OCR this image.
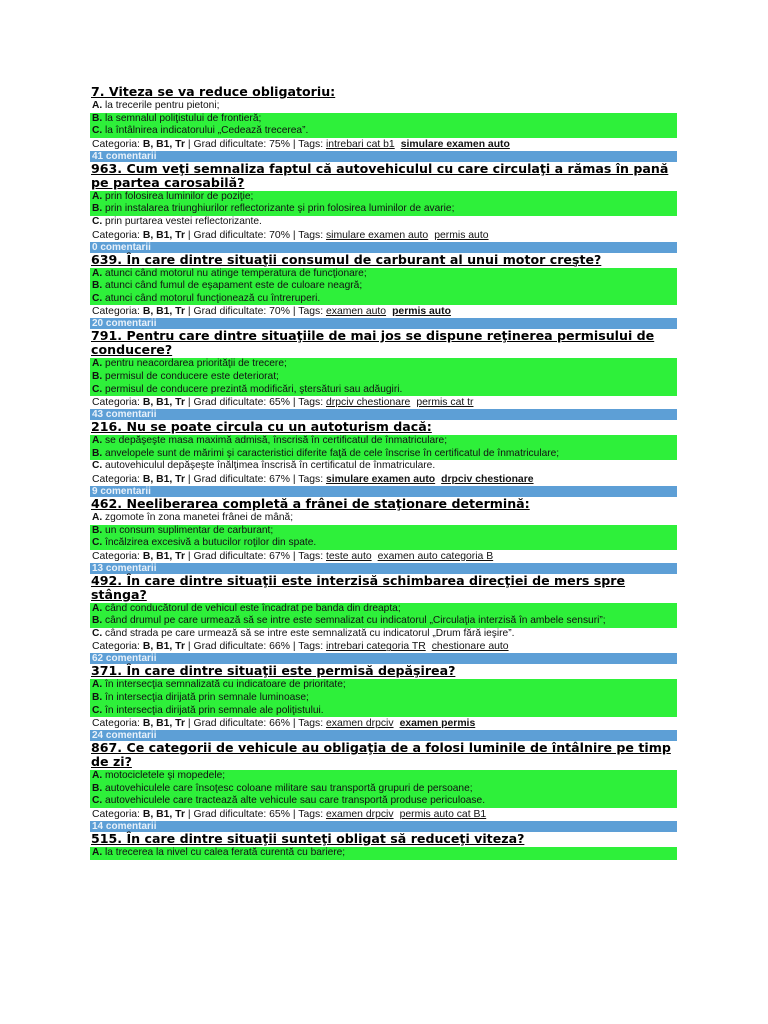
7. Viteza se va reduce obligatoriu:
A. la trecerile pentru pietoni;
B. la semnalul poliţistului de frontieră;
C. la întâlnirea indicatorului „Cedează trecerea”.
Categoria: B, B1, Tr | Grad dificultate: 75% | Tags: intrebari cat b1 simulare examen auto
41 comentarii
963. Cum veţi semnaliza faptul că autovehiculul cu care circulaţi a rămas în pană pe partea carosabilă?
A. prin folosirea luminilor de poziţie;
B. prin instalarea triunghiurilor reflectorizante şi prin folosirea luminilor de avarie;
C. prin purtarea vestei reflectorizante.
Categoria: B, B1, Tr | Grad dificultate: 70% | Tags: simulare examen auto permis auto
0 comentarii
639. În care dintre situaţii consumul de carburant al unui motor creşte?
A. atunci când motorul nu atinge temperatura de funcţionare;
B. atunci când fumul de eşapament este de culoare neagră;
C. atunci când motorul funcţionează cu întreruperi.
Categoria: B, B1, Tr | Grad dificultate: 70% | Tags: examen auto permis auto
20 comentarii
791. Pentru care dintre situaţiile de mai jos se dispune reţinerea permisului de conducere?
A. pentru neacordarea priorităţii de trecere;
B. permisul de conducere este deteriorat;
C. permisul de conducere prezintă modificări, ştersături sau adăugiri.
Categoria: B, B1, Tr | Grad dificultate: 65% | Tags: drpciv chestionare permis cat tr
43 comentarii
216. Nu se poate circula cu un autoturism dacă:
A. se depăşeşte masa maximă admisă, înscrisă în certificatul de înmatriculare;
B. anvelopele sunt de mărimi şi caracteristici diferite faţă de cele înscrise în certificatul de înmatriculare;
C. autovehiculul depăşeşte înălţimea înscrisă în certificatul de înmatriculare.
Categoria: B, B1, Tr | Grad dificultate: 67% | Tags: simulare examen auto drpciv chestionare
9 comentarii
462. Neeliberarea completă a frânei de staţionare determină:
A. zgomote în zona manetei frânei de mână;
B. un consum suplimentar de carburant;
C. încălzirea excesivă a butucilor roţilor din spate.
Categoria: B, B1, Tr | Grad dificultate: 67% | Tags: teste auto examen auto categoria B
13 comentarii
492. În care dintre situaţii este interzisă schimbarea direcţiei de mers spre stânga?
A. când conducătorul de vehicul este încadrat pe banda din dreapta;
B. când drumul pe care urmează să se intre este semnalizat cu indicatorul „Circulaţia interzisă în ambele sensuri”;
C. când strada pe care urmează să se intre este semnalizată cu indicatorul „Drum fără ieşire”.
Categoria: B, B1, Tr | Grad dificultate: 66% | Tags: intrebari categoria TR chestionare auto
62 comentarii
371. În care dintre situaţii este permisă depăşirea?
A. în intersecţia semnalizată cu indicatoare de prioritate;
B. în intersecţia dirijată prin semnale luminoase;
C. în intersecţia dirijată prin semnale ale poliţistului.
Categoria: B, B1, Tr | Grad dificultate: 66% | Tags: examen drpciv examen permis
24 comentarii
867. Ce categorii de vehicule au obligaţia de a folosi luminile de întâlnire pe timp de zi?
A. motocicletele şi mopedele;
B. autovehiculele care însoţesc coloane militare sau transportă grupuri de persoane;
C. autovehiculele care tractează alte vehicule sau care transportă produse periculoase.
Categoria: B, B1, Tr | Grad dificultate: 65% | Tags: examen drpciv permis auto cat B1
14 comentarii
515. În care dintre situaţii sunteţi obligat să reduceţi viteza?
A. la trecerea la nivel cu calea ferată curentă cu bariere;
